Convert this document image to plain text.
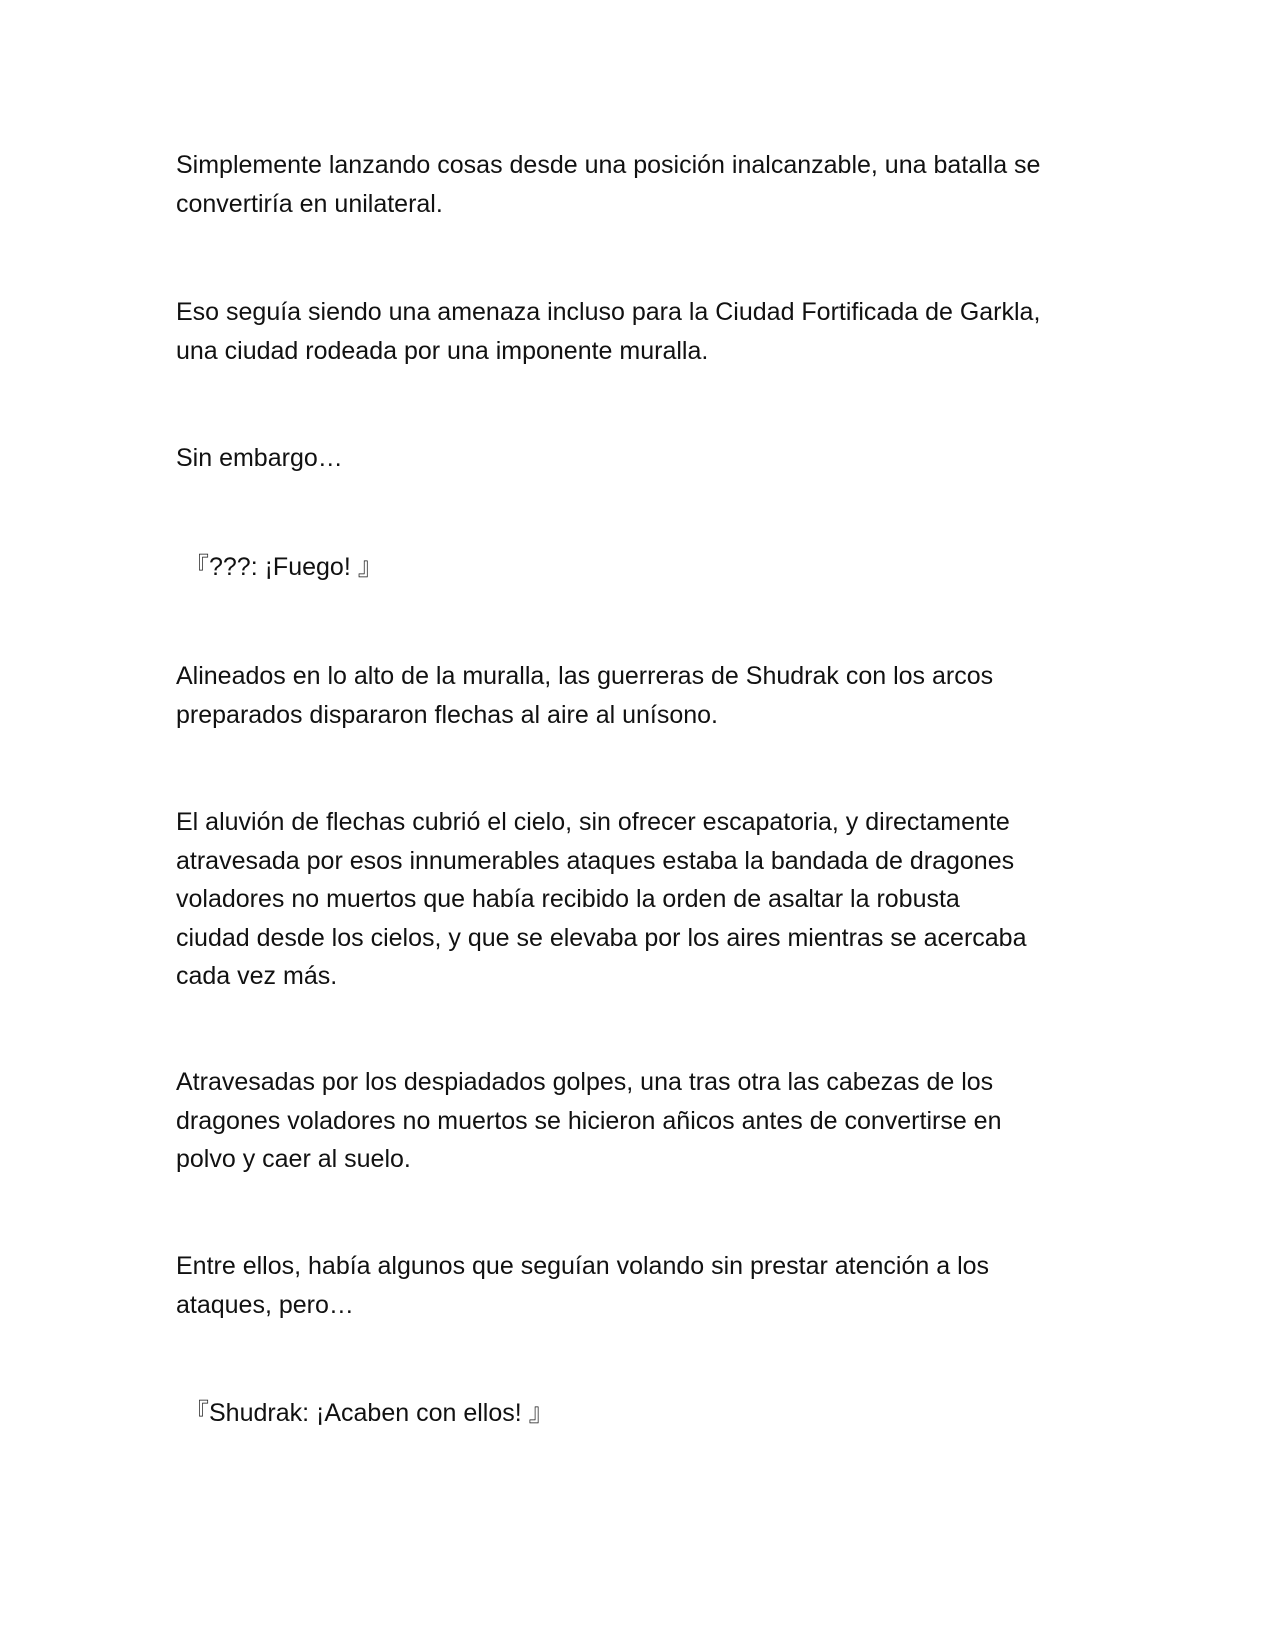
Simplemente lanzando cosas desde una posición inalcanzable, una batalla se
convertiría en unilateral.

Eso seguía siendo una amenaza incluso para la Ciudad Fortificada de Garkla,
una ciudad rodeada por una imponente muralla.

Sin embargo…

『???: ¡Fuego! 』

Alineados en lo alto de la muralla, las guerreras de Shudrak con los arcos
preparados dispararon flechas al aire al unísono.

El aluvión de flechas cubrió el cielo, sin ofrecer escapatoria, y directamente
atravesada por esos innumerables ataques estaba la bandada de dragones
voladores no muertos que había recibido la orden de asaltar la robusta
ciudad desde los cielos, y que se elevaba por los aires mientras se acercaba
cada vez más.

Atravesadas por los despiadados golpes, una tras otra las cabezas de los
dragones voladores no muertos se hicieron añicos antes de convertirse en
polvo y caer al suelo.

Entre ellos, había algunos que seguían volando sin prestar atención a los
ataques, pero…

『Shudrak: ¡Acaben con ellos! 』
